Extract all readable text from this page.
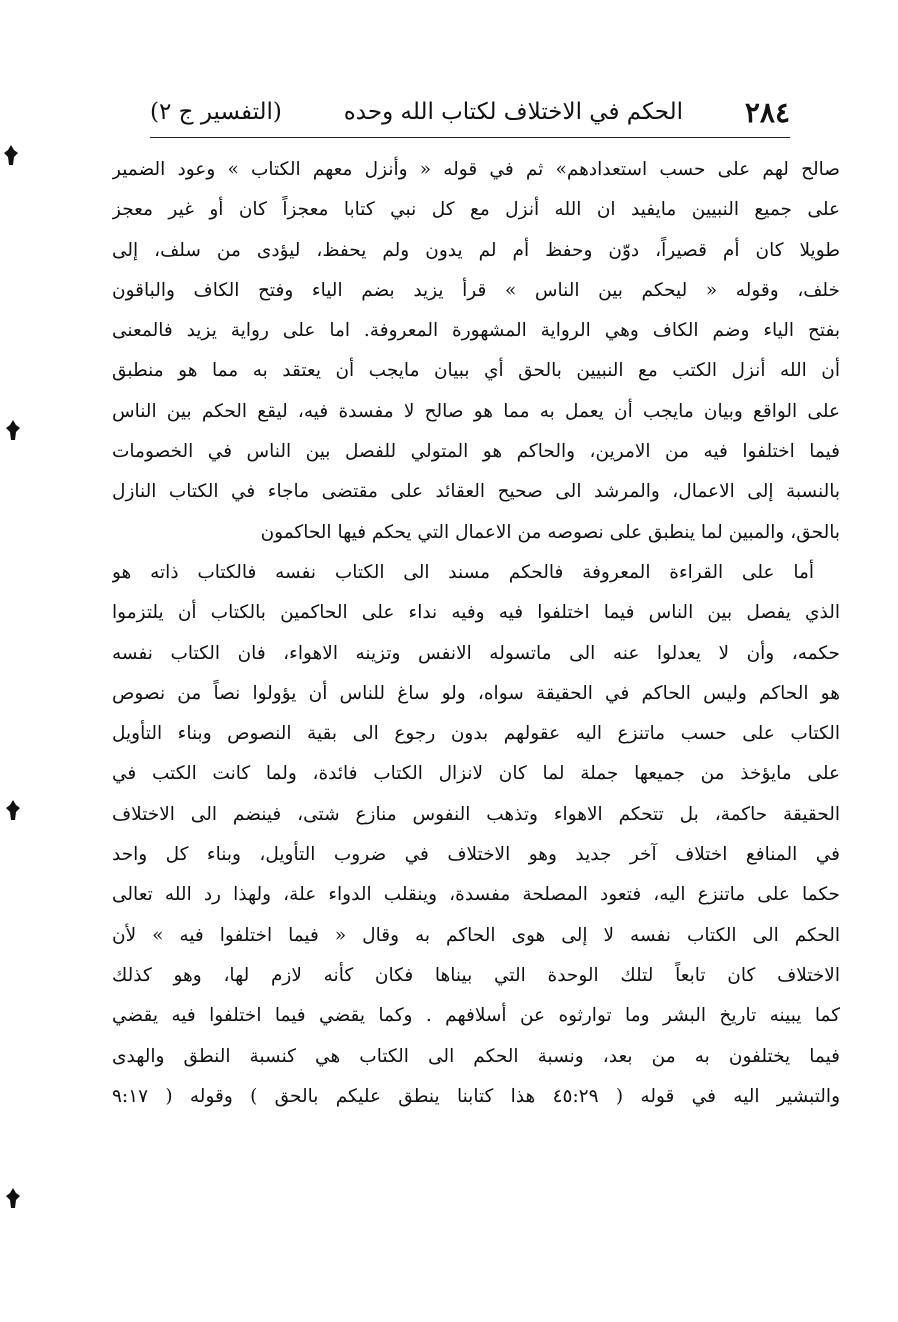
٢٨٤
الحكم في الاختلاف لكتاب الله وحده
(التفسير ج ٢)
صالح لهم على حسب استعدادهم» ثم في قوله « وأنزل معهم الكتاب » وعود الضمير
على جميع النبيين مايفيد ان الله أنزل مع كل نبي كتابا معجزاً كان أو غير معجز
طويلا كان أم قصيراً، دوّن وحفظ أم لم يدون ولم يحفظ، ليؤدى من سلف، إلى
خلف، وقوله « ليحكم بين الناس » قرأ يزيد بضم الياء وفتح الكاف والباقون
بفتح الياء وضم الكاف وهي الرواية المشهورة المعروفة. اما على رواية يزيد فالمعنى
أن الله أنزل الكتب مع النبيين بالحق أي ببيان مايجب أن يعتقد به مما هو منطبق
على الواقع وبيان مايجب أن يعمل به مما هو صالح لا مفسدة فيه، ليقع الحكم بين الناس
فيما اختلفوا فيه من الامرين، والحاكم هو المتولي للفصل بين الناس في الخصومات
بالنسبة إلى الاعمال، والمرشد الى صحيح العقائد على مقتضى ماجاء في الكتاب النازل
بالحق، والمبين لما ينطبق على نصوصه من الاعمال التي يحكم فيها الحاكمون
أما على القراءة المعروفة فالحكم مسند الى الكتاب نفسه فالكتاب ذاته هو
الذي يفصل بين الناس فيما اختلفوا فيه وفيه نداء على الحاكمين بالكتاب أن يلتزموا
حكمه، وأن لا يعدلوا عنه الى ماتسوله الانفس وتزينه الاهواء، فان الكتاب نفسه
هو الحاكم وليس الحاكم في الحقيقة سواه، ولو ساغ للناس أن يؤولوا نصاً من نصوص
الكتاب على حسب ماتنزع اليه عقولهم بدون رجوع الى بقية النصوص وبناء التأويل
على مايؤخذ من جميعها جملة لما كان لانزال الكتاب فائدة، ولما كانت الكتب في
الحقيقة حاكمة، بل تتحكم الاهواء وتذهب النفوس منازع شتى، فينضم الى الاختلاف
في المنافع اختلاف آخر جديد وهو الاختلاف في ضروب التأويل، وبناء كل واحد
حكما على ماتنزع اليه، فتعود المصلحة مفسدة، وينقلب الدواء علة، ولهذا رد الله تعالى
الحكم الى الكتاب نفسه لا إلى هوى الحاكم به وقال « فيما اختلفوا فيه » لأن
الاختلاف كان تابعاً لتلك الوحدة التي بيناها فكان كأنه لازم لها، وهو كذلك
كما يبينه تاريخ البشر وما توارثوه عن أسلافهم . وكما يقضي فيما اختلفوا فيه يقضي
فيما يختلفون به من بعد، ونسبة الحكم الى الكتاب هي كنسبة النطق والهدى
والتبشير اليه في قوله ( ٤٥:٢٩ هذا كتابنا ينطق عليكم بالحق ) وقوله ( ٩:١٧
